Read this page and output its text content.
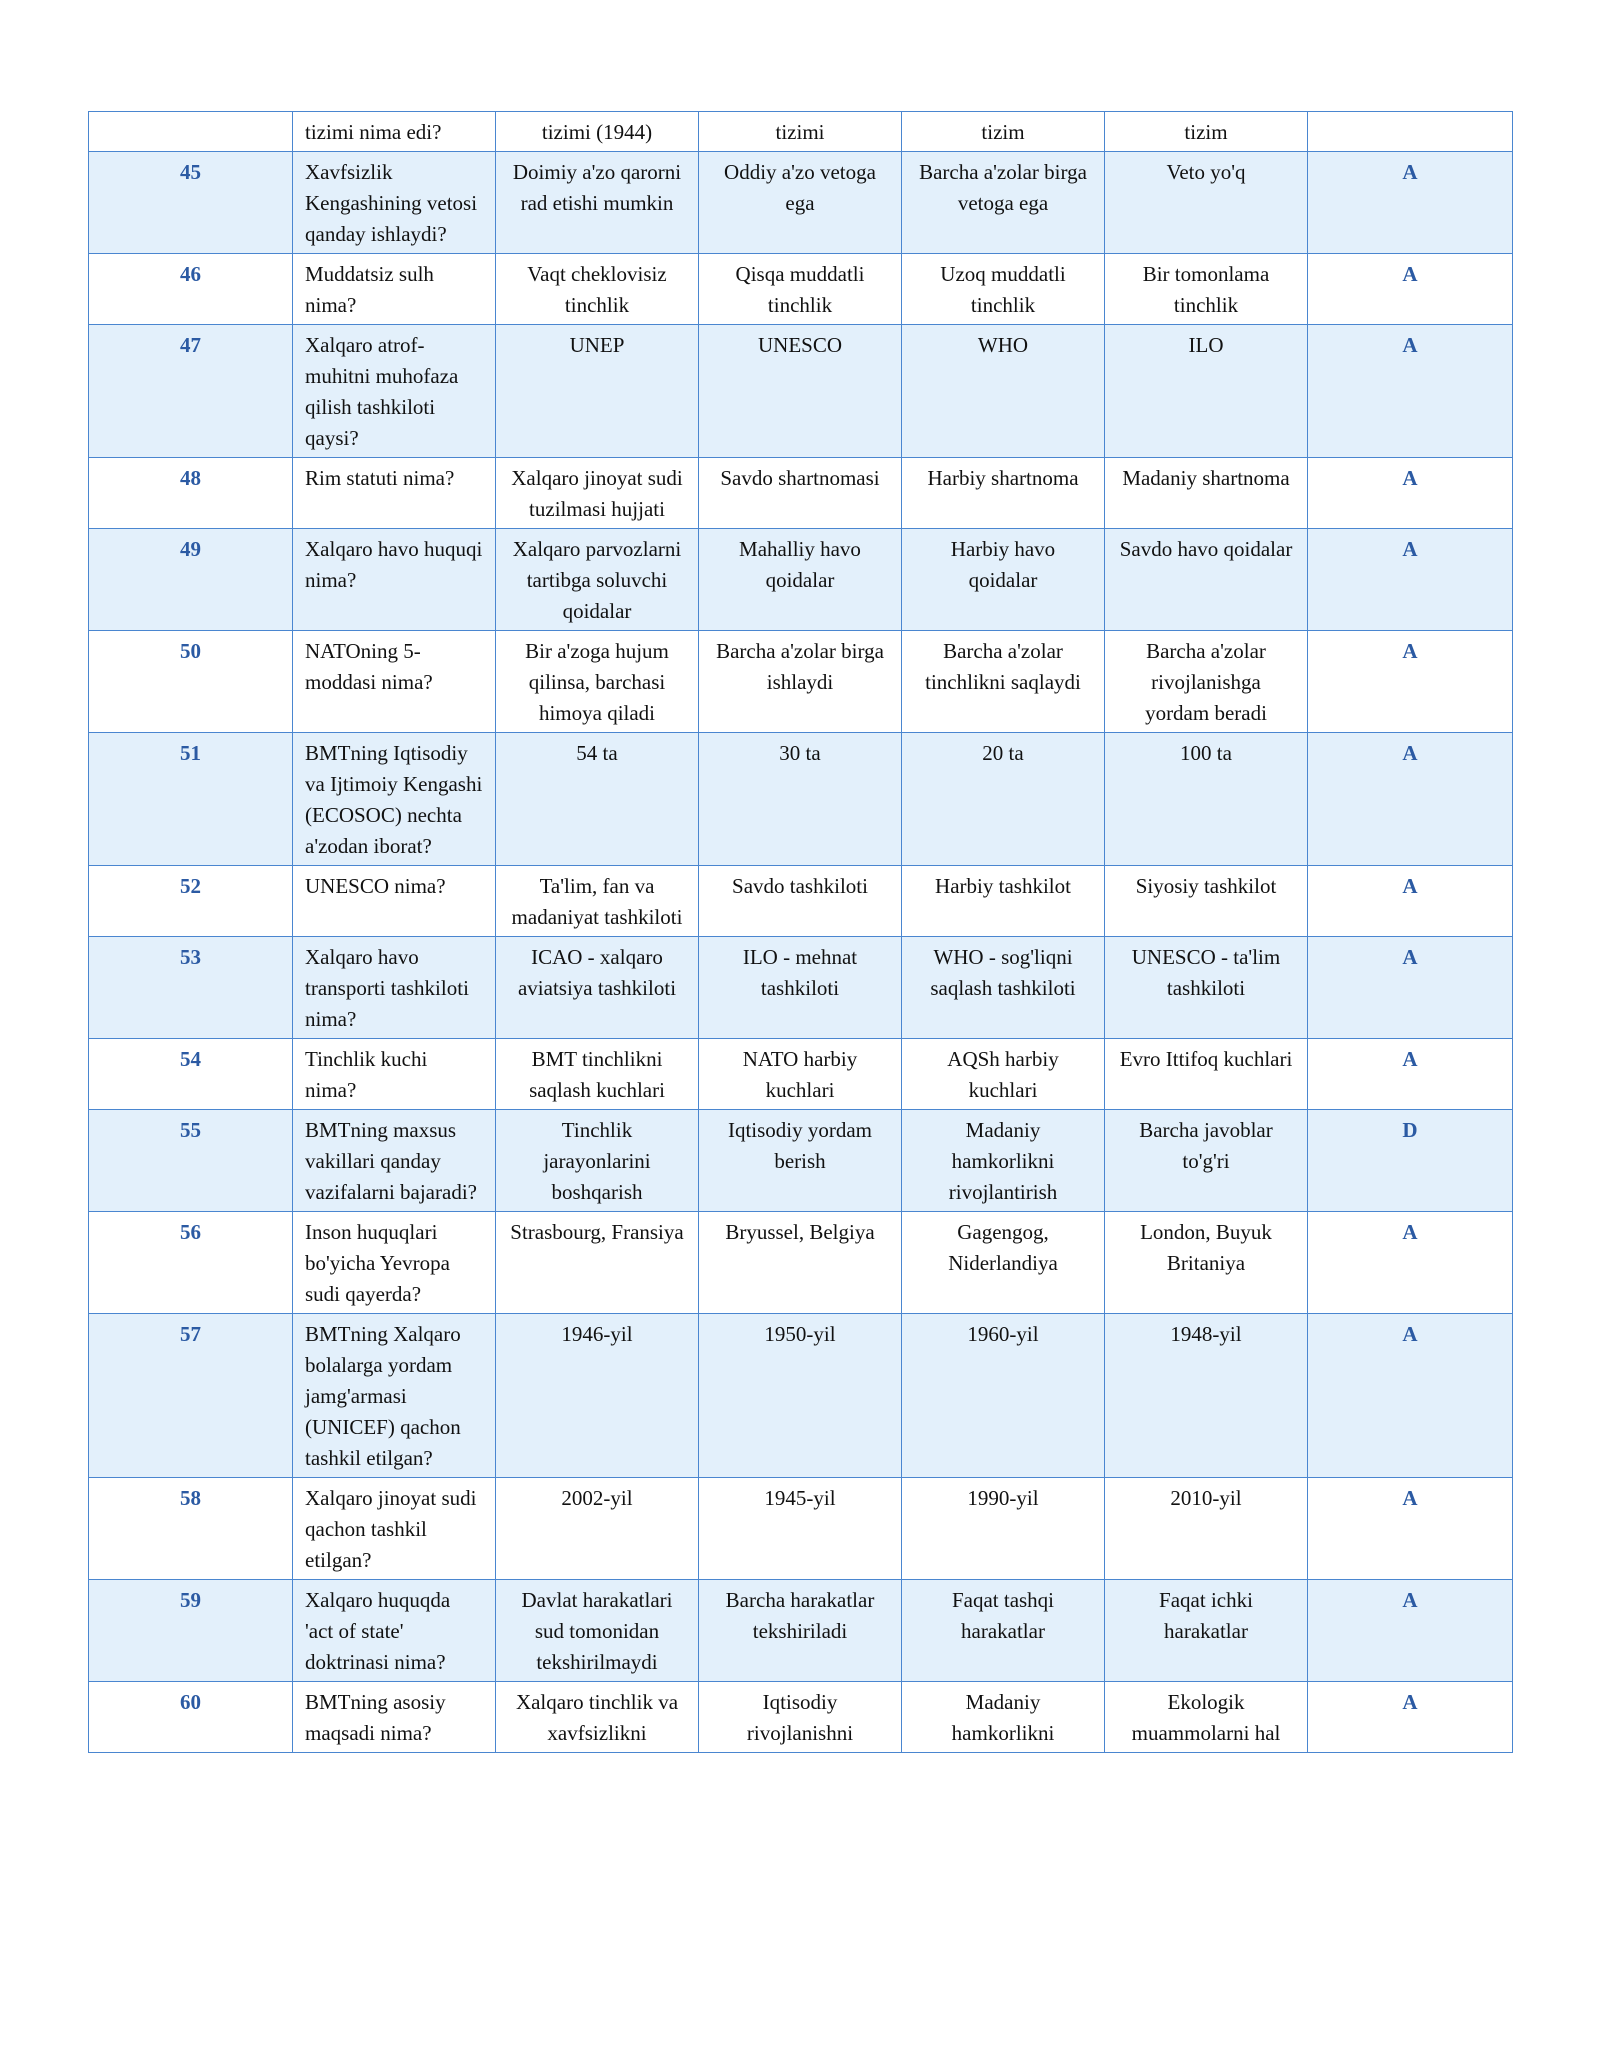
	tizimi nima edi?	tizimi (1944)	tizimi	tizim	tizim	
45	Xavfsizlik Kengashining vetosi qanday ishlaydi?	Doimiy a'zo qarorni rad etishi mumkin	Oddiy a'zo vetoga ega	Barcha a'zolar birga vetoga ega	Veto yo'q	A
46	Muddatsiz sulh nima?	Vaqt cheklovisiz tinchlik	Qisqa muddatli tinchlik	Uzoq muddatli tinchlik	Bir tomonlama tinchlik	A
47	Xalqaro atrof-muhitni muhofaza qilish tashkiloti qaysi?	UNEP	UNESCO	WHO	ILO	A
48	Rim statuti nima?	Xalqaro jinoyat sudi tuzilmasi hujjati	Savdo shartnomasi	Harbiy shartnoma	Madaniy shartnoma	A
49	Xalqaro havo huquqi nima?	Xalqaro parvozlarni tartibga soluvchi qoidalar	Mahalliy havo qoidalar	Harbiy havo qoidalar	Savdo havo qoidalar	A
50	NATOning 5-moddasi nima?	Bir a'zoga hujum qilinsa, barchasi himoya qiladi	Barcha a'zolar birga ishlaydi	Barcha a'zolar tinchlikni saqlaydi	Barcha a'zolar rivojlanishga yordam beradi	A
51	BMTning Iqtisodiy va Ijtimoiy Kengashi (ECOSOC) nechta a'zodan iborat?	54 ta	30 ta	20 ta	100 ta	A
52	UNESCO nima?	Ta'lim, fan va madaniyat tashkiloti	Savdo tashkiloti	Harbiy tashkilot	Siyosiy tashkilot	A
53	Xalqaro havo transporti tashkiloti nima?	ICAO - xalqaro aviatsiya tashkiloti	ILO - mehnat tashkiloti	WHO - sog'liqni saqlash tashkiloti	UNESCO - ta'lim tashkiloti	A
54	Tinchlik kuchi nima?	BMT tinchlikni saqlash kuchlari	NATO harbiy kuchlari	AQSh harbiy kuchlari	Evro Ittifoq kuchlari	A
55	BMTning maxsus vakillari qanday vazifalarni bajaradi?	Tinchlik jarayonlarini boshqarish	Iqtisodiy yordam berish	Madaniy hamkorlikni rivojlantirish	Barcha javoblar to'g'ri	D
56	Inson huquqlari bo'yicha Yevropa sudi qayerda?	Strasbourg, Fransiya	Bryussel, Belgiya	Gagengog, Niderlandiya	London, Buyuk Britaniya	A
57	BMTning Xalqaro bolalarga yordam jamg'armasi (UNICEF) qachon tashkil etilgan?	1946-yil	1950-yil	1960-yil	1948-yil	A
58	Xalqaro jinoyat sudi qachon tashkil etilgan?	2002-yil	1945-yil	1990-yil	2010-yil	A
59	Xalqaro huquqda 'act of state' doktrinasi nima?	Davlat harakatlari sud tomonidan tekshirilmaydi	Barcha harakatlar tekshiriladi	Faqat tashqi harakatlar	Faqat ichki harakatlar	A
60	BMTning asosiy maqsadi nima?	Xalqaro tinchlik va xavfsizlikni	Iqtisodiy rivojlanishni	Madaniy hamkorlikni	Ekologik muammolarni hal	A
